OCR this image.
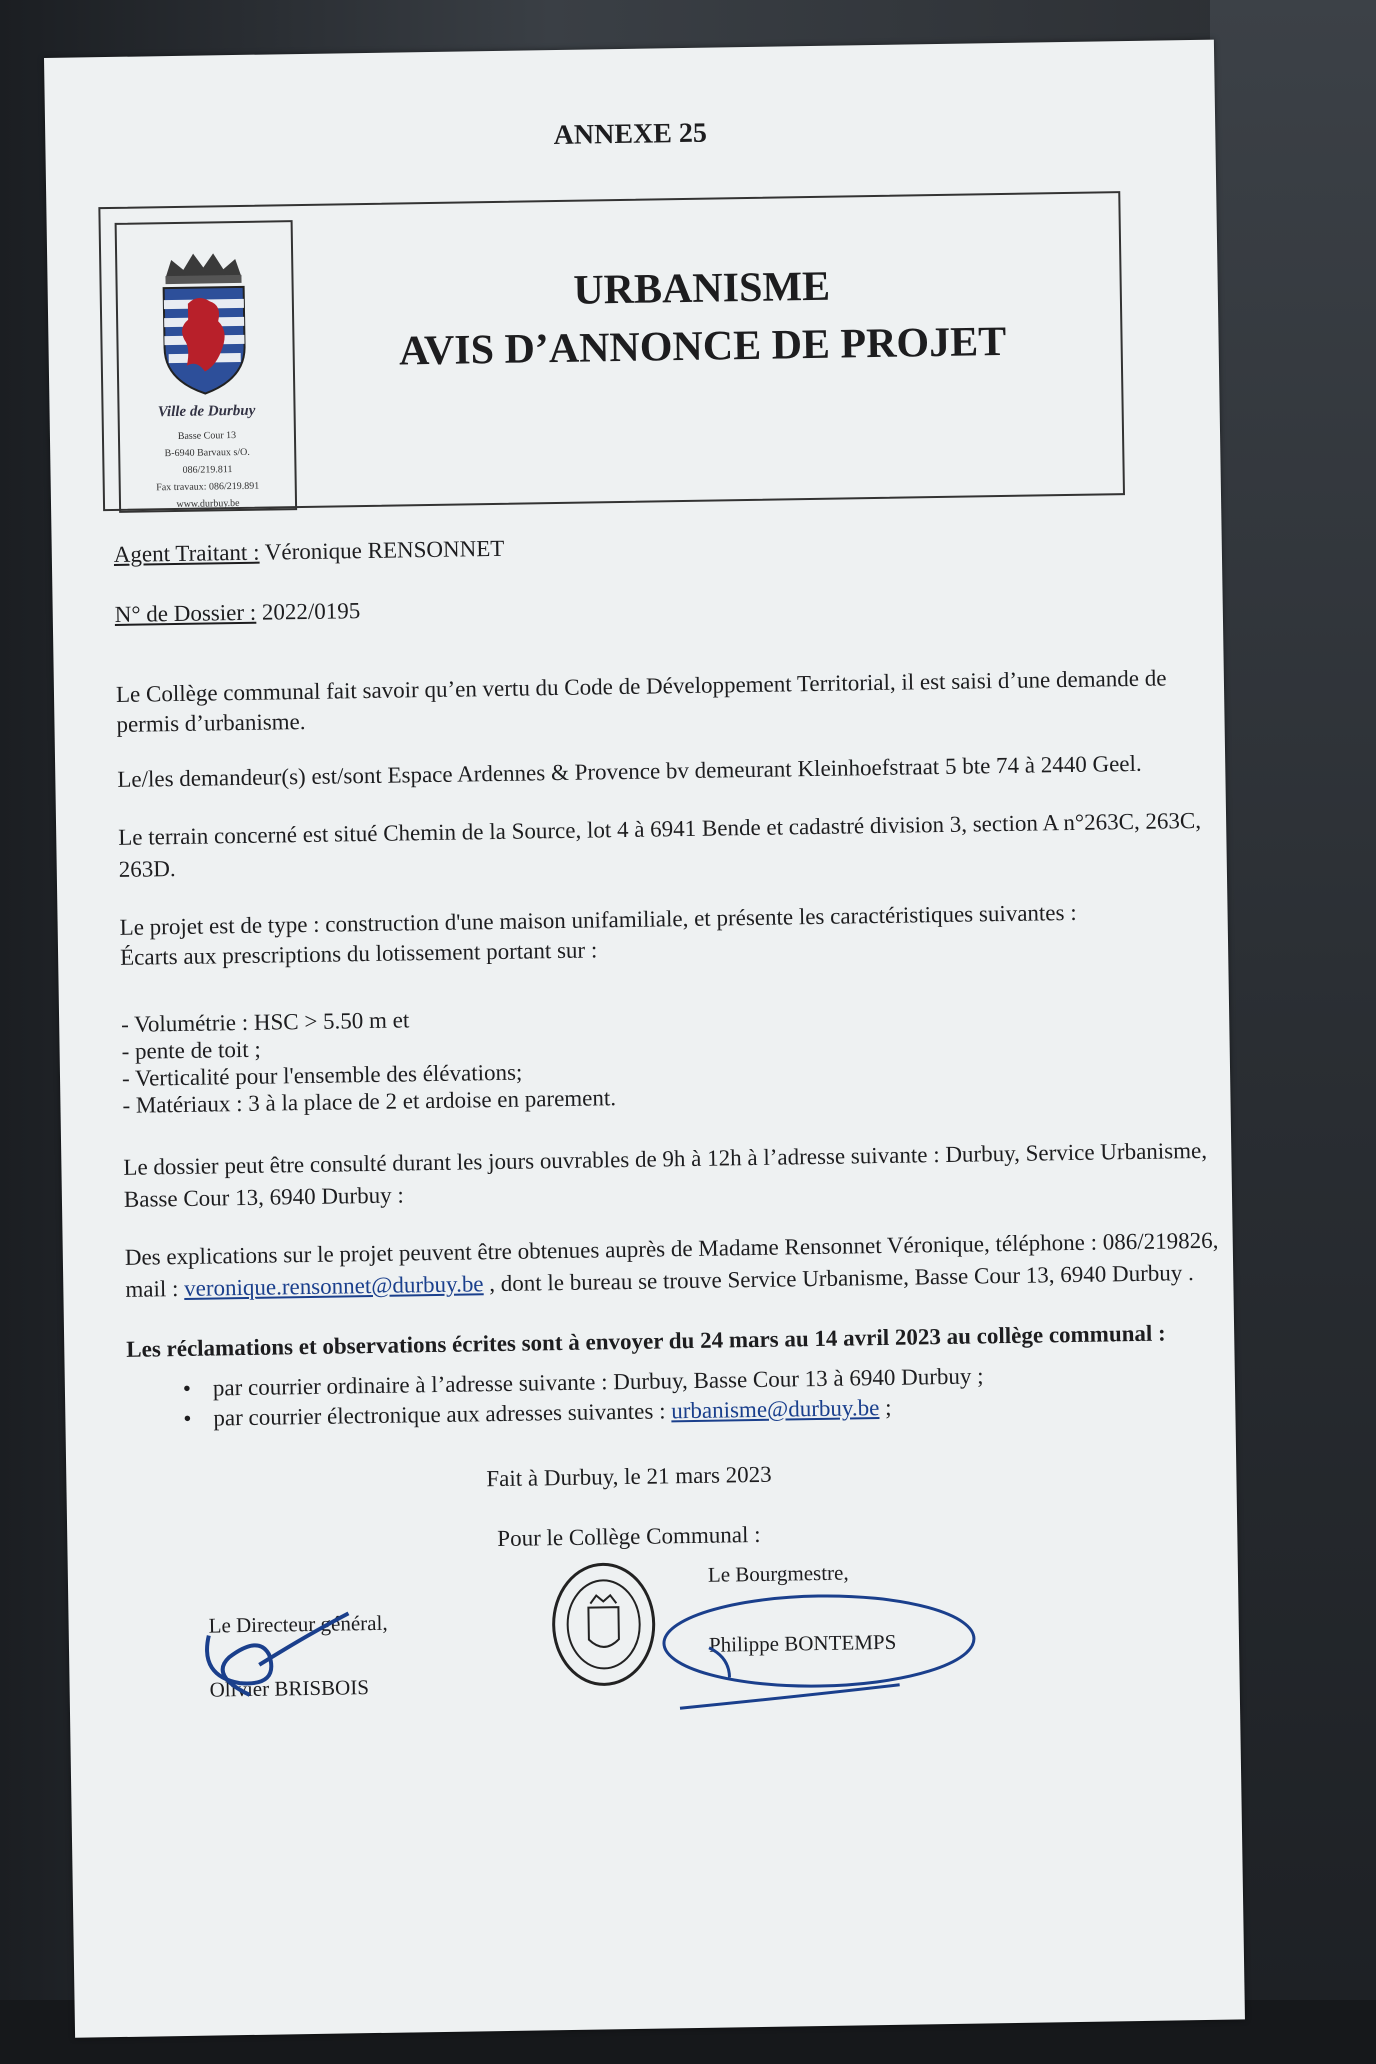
ANNEXE 25
Ville de Durbuy
Basse Cour 13
B-6940 Barvaux s/O.
086/219.811
Fax travaux: 086/219.891
www.durbuy.be
URBANISME
AVIS D’ANNONCE DE PROJET
Agent Traitant : Véronique RENSONNET
N° de Dossier : 2022/0195
Le Collège communal fait savoir qu’en vertu du Code de Développement Territorial, il est saisi d’une demande de
permis d’urbanisme.
Le/les demandeur(s) est/sont Espace Ardennes & Provence bv demeurant Kleinhoefstraat 5 bte 74 à 2440 Geel.
Le terrain concerné est situé Chemin de la Source, lot 4 à 6941 Bende et cadastré division 3, section A n°263C, 263C,
263D.
Le projet est de type : construction d'une maison unifamiliale, et présente les caractéristiques suivantes :
Écarts aux prescriptions du lotissement portant sur :
- Volumétrie : HSC > 5.50 m et
- pente de toit ;
- Verticalité pour l'ensemble des élévations;
- Matériaux : 3 à la place de 2 et ardoise en parement.
Le dossier peut être consulté durant les jours ouvrables de 9h à 12h à l’adresse suivante : Durbuy, Service Urbanisme,
Basse Cour 13, 6940 Durbuy :
Des explications sur le projet peuvent être obtenues auprès de Madame Rensonnet Véronique, téléphone : 086/219826,
mail : veronique.rensonnet@durbuy.be , dont le bureau se trouve Service Urbanisme, Basse Cour 13, 6940 Durbuy .
Les réclamations et observations écrites sont à envoyer du 24 mars au 14 avril 2023 au collège communal :
• par courrier ordinaire à l’adresse suivante : Durbuy, Basse Cour 13 à 6940 Durbuy ;
• par courrier électronique aux adresses suivantes : urbanisme@durbuy.be ;
Fait à Durbuy, le 21 mars 2023
Pour le Collège Communal :
Le Bourgmestre,
Le Directeur général,
Philippe BONTEMPS
Olivier BRISBOIS
